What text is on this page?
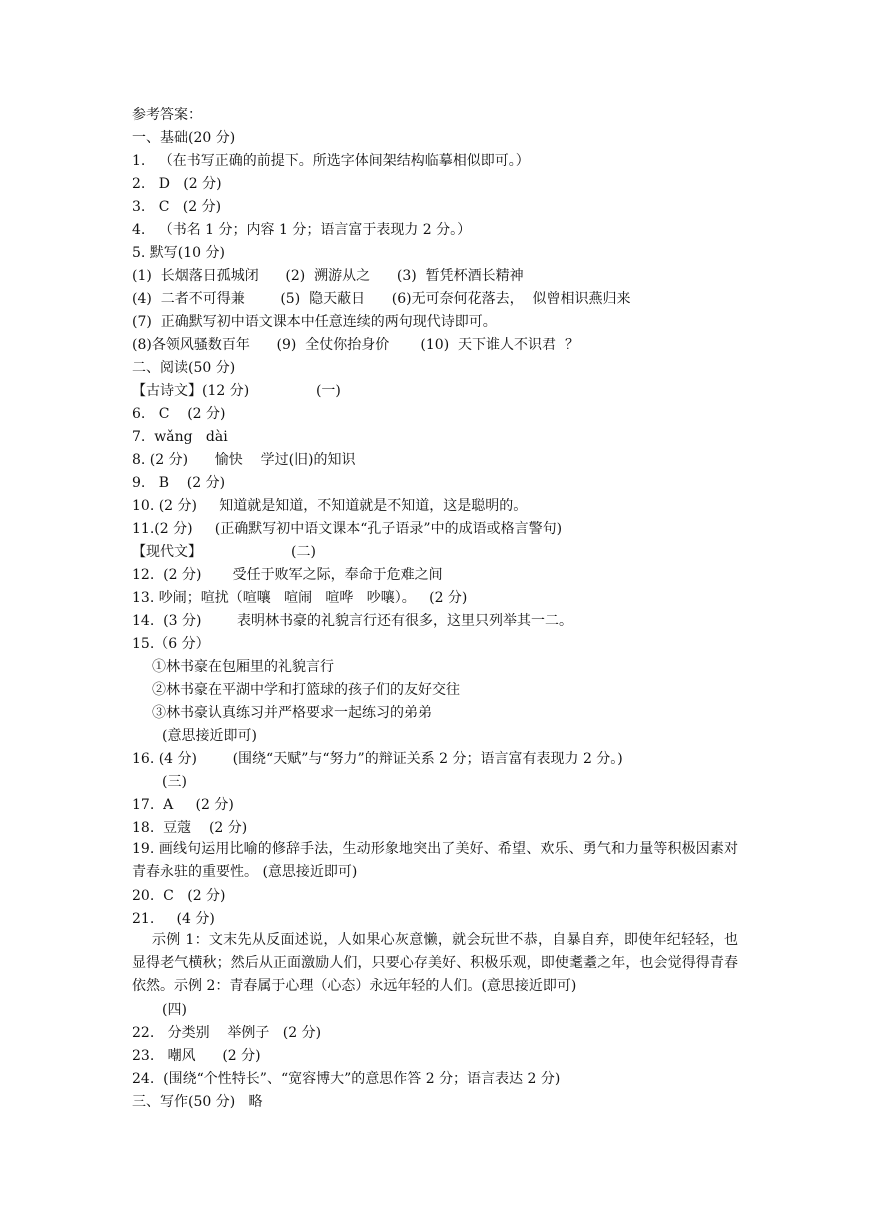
参考答案：
一、基础(20 分)
1.   （在书写正确的前提下。所选字体间架结构临摹相似即可。）
2.   D   (2 分)
3.   C   (2 分)
4.   （书名 1 分；内容 1 分；语言富于表现力 2 分。）
5. 默写(10 分)
(1)  长烟落日孤城闭      (2)  溯游从之      (3)  暂凭杯酒长精神
(4)  二者不可得兼        (5)  隐天蔽日      (6)无可奈何花落去，  似曾相识燕归来
(7)  正确默写初中语文课本中任意连续的两句现代诗即可。
(8)各领风骚数百年      (9)  全仗你抬身价       (10)  天下谁人不识君  ？
二、阅读(50 分)
【古诗文】(12 分)               (一)
6.   C    (2 分)
7.  wǎng   dài
8. (2 分)      愉快    学过(旧)的知识
9.   B    (2 分)
10. (2 分)     知道就是知道，不知道就是不知道，这是聪明的。
11.(2 分)     (正确默写初中语文课本“孔子语录”中的成语或格言警句)
【现代文】                    (二)
12.  (2 分)       受任于败军之际，奉命于危难之间
13. 吵闹；喧扰（喧嚷   喧闹   喧哗   吵嚷）。   (2 分)
14.  (3 分)        表明林书豪的礼貌言行还有很多，这里只列举其一二。
15.（6 分）
①林书豪在包厢里的礼貌言行
②林书豪在平湖中学和打篮球的孩子们的友好交往
③林书豪认真练习并严格要求一起练习的弟弟
(意思接近即可)
16. (4 分)        (围绕“天赋”与“努力”的辩证关系 2 分；语言富有表现力 2 分。)
(三)
17.  A     (2 分)
18.  豆蔻    (2 分)
19. 画线句运用比喻的修辞手法，生动形象地突出了美好、希望、欢乐、勇气和力量等积极因素对青春永驻的重要性。 (意思接近即可)
20.  C   (2 分)
21.     (4 分)
示例 1：文末先从反面述说，人如果心灰意懒，就会玩世不恭，自暴自弃，即使年纪轻轻，也显得老气横秋；然后从正面激励人们，只要心存美好、积极乐观，即使耄耋之年，也会觉得得青春依然。示例 2：青春属于心理（心态）永远年轻的人们。(意思接近即可)
(四)
22.   分类别    举例子   (2 分)
23.   嘲风      (2 分)
24.  (围绕“个性特长”、“宽容博大”的意思作答 2 分；语言表达 2 分)
三、写作(50 分)   略
